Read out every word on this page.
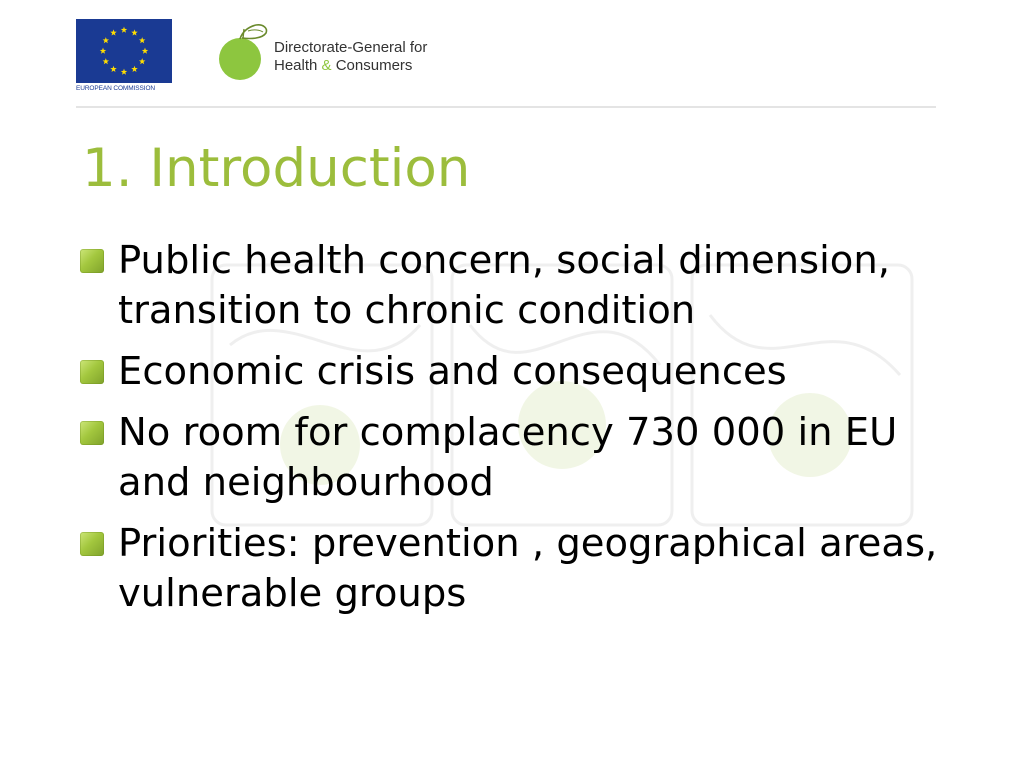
EUROPEAN COMMISSION
Directorate-General for
Health & Consumers
1. Introduction
Public health concern, social dimension, transition to chronic condition
Economic crisis and consequences
No room for complacency 730 000 in EU and neighbourhood
Priorities: prevention , geographical areas, vulnerable groups
